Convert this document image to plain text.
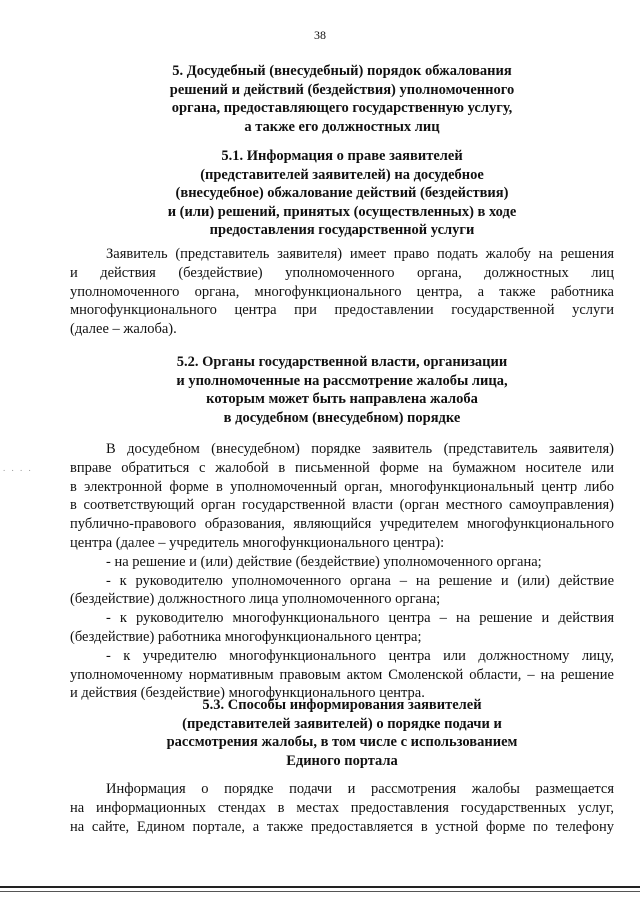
38
. . . .
5. Досудебный (внесудебный) порядок обжалования
решений и действий (бездействия) уполномоченного
органа, предоставляющего государственную услугу,
а также его должностных лиц
5.1. Информация о праве заявителей
(представителей заявителей) на досудебное
(внесудебное) обжалование действий (бездействия)
и (или) решений, принятых (осуществленных) в ходе
предоставления государственной услуги
Заявитель (представитель заявителя) имеет право подать жалобу на решения
и действия (бездействие) уполномоченного органа, должностных лиц
уполномоченного органа, многофункционального центра, а также работника
многофункционального центра при предоставлении государственной услуги
(далее – жалоба).
5.2. Органы государственной власти, организации
и уполномоченные на рассмотрение жалобы лица,
которым может быть направлена жалоба
в досудебном (внесудебном) порядке
В досудебном (внесудебном) порядке заявитель (представитель заявителя)
вправе обратиться с жалобой в письменной форме на бумажном носителе или
в электронной форме в уполномоченный орган, многофункциональный центр либо
в соответствующий орган государственной власти (орган местного самоуправления)
публично-правового образования, являющийся учредителем многофункционального
центра (далее – учредитель многофункционального центра):
- на решение и (или) действие (бездействие) уполномоченного органа;
- к руководителю уполномоченного органа – на решение и (или) действие
(бездействие) должностного лица уполномоченного органа;
- к руководителю многофункционального центра – на решение и действия
(бездействие) работника многофункционального центра;
- к учредителю многофункционального центра или должностному лицу,
уполномоченному нормативным правовым актом Смоленской области, – на решение
и действия (бездействие) многофункционального центра.
5.3. Способы информирования заявителей
(представителей заявителей) о порядке подачи и
рассмотрения жалобы, в том числе с использованием
Единого портала
Информация о порядке подачи и рассмотрения жалобы размещается
на информационных стендах в местах предоставления государственных услуг,
на сайте, Едином портале, а также предоставляется в устной форме по телефону
